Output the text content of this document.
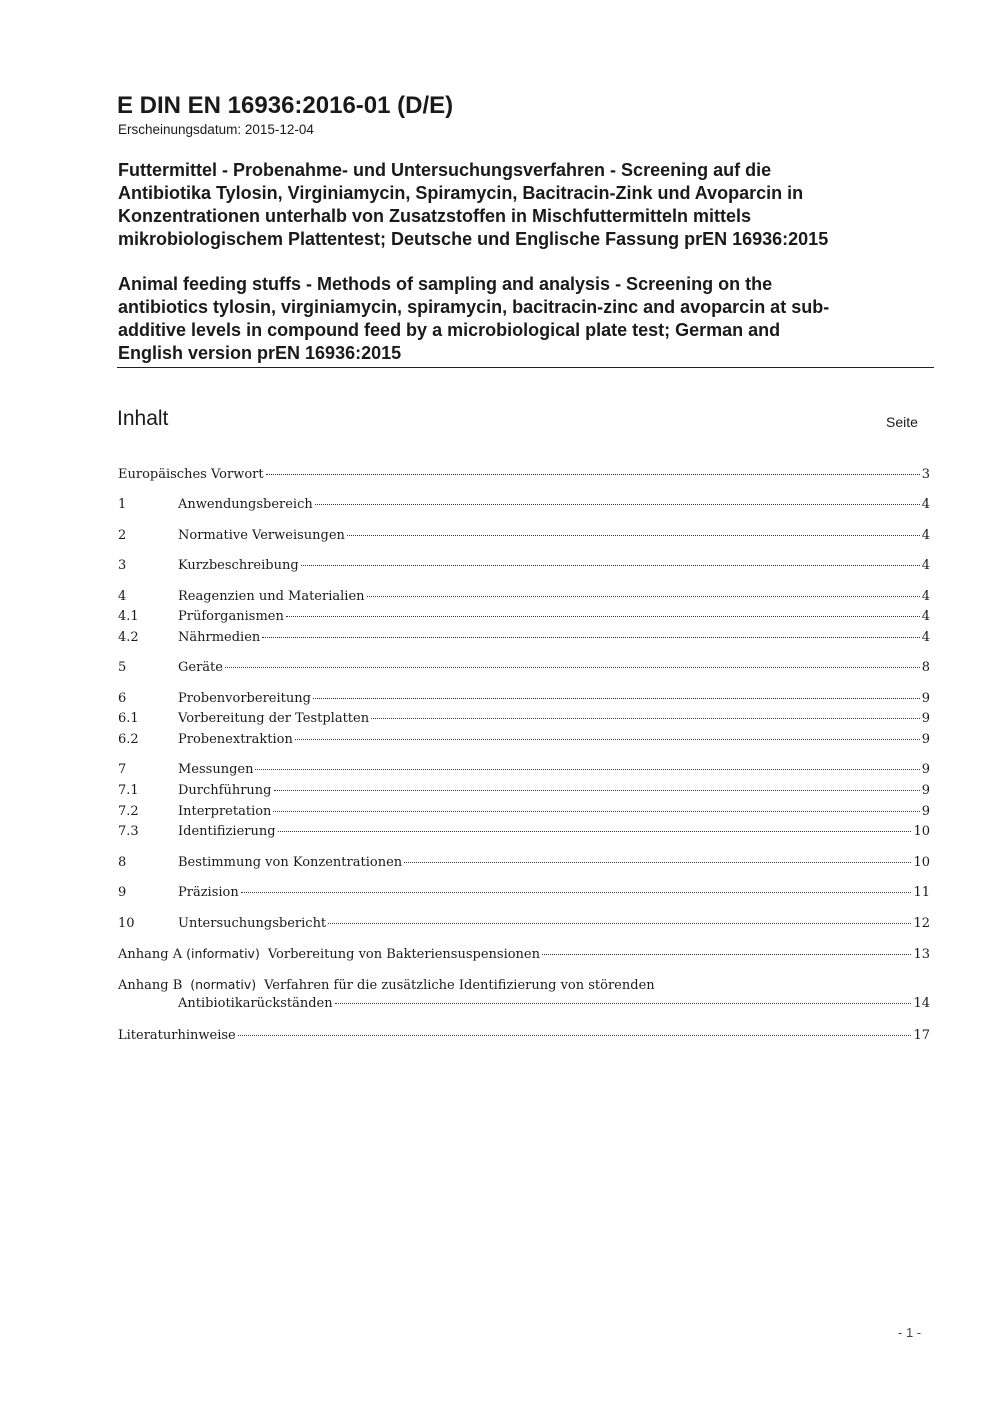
E DIN EN 16936:2016-01 (D/E)
Erscheinungsdatum: 2015-12-04
Futtermittel - Probenahme- und Untersuchungsverfahren - Screening auf die
Antibiotika Tylosin, Virginiamycin, Spiramycin, Bacitracin-Zink und Avoparcin in
Konzentrationen unterhalb von Zusatzstoffen in Mischfuttermitteln mittels
mikrobiologischem Plattentest; Deutsche und Englische Fassung prEN 16936:2015
Animal feeding stuffs - Methods of sampling and analysis - Screening on the
antibiotics tylosin, virginiamycin, spiramycin, bacitracin-zinc and avoparcin at sub-
additive levels in compound feed by a microbiological plate test; German and
English version prEN 16936:2015
Inhalt	Seite
Europäisches Vorwort	3
1	Anwendungsbereich	4
2	Normative Verweisungen	4
3	Kurzbeschreibung	4
4	Reagenzien und Materialien	4
4.1	Prüforganismen	4
4.2	Nährmedien	4
5	Geräte	8
6	Probenvorbereitung	9
6.1	Vorbereitung der Testplatten	9
6.2	Probenextraktion	9
7	Messungen	9
7.1	Durchführung	9
7.2	Interpretation	9
7.3	Identifizierung	10
8	Bestimmung von Konzentrationen	10
9	Präzision	11
10	Untersuchungsbericht	12
Anhang A (informativ) Vorbereitung von Bakteriensuspensionen	13
Anhang B (normativ) Verfahren für die zusätzliche Identifizierung von störenden
Antibiotikarückständen	14
Literaturhinweise	17
- 1 -
